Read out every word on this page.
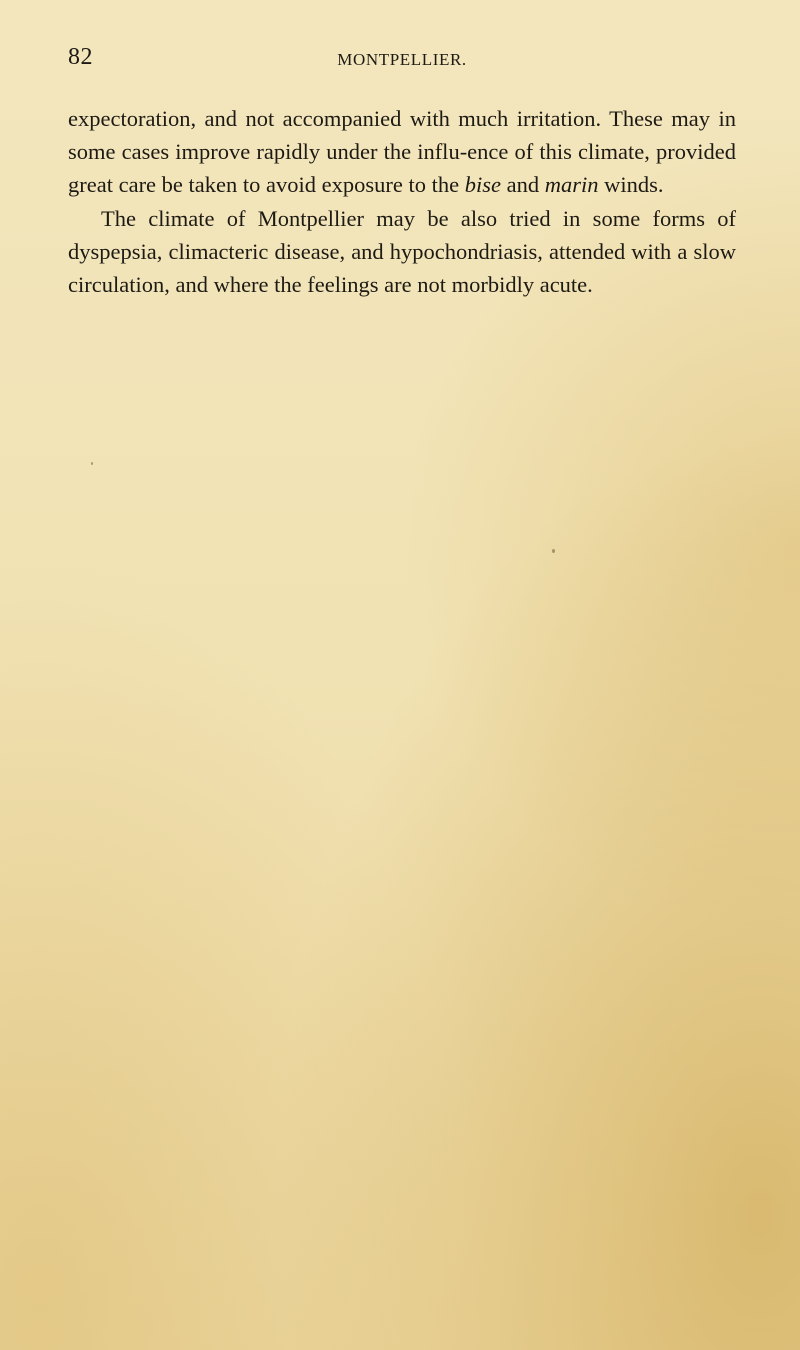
82	MONTPELLIER.

expectoration, and not accompanied with much irritation. These may in some cases improve rapidly under the influ-ence of this climate, provided great care be taken to avoid exposure to the bise and marin winds.

The climate of Montpellier may be also tried in some forms of dyspepsia, climacteric disease, and hypochondriasis, attended with a slow circulation, and where the feelings are not morbidly acute.
